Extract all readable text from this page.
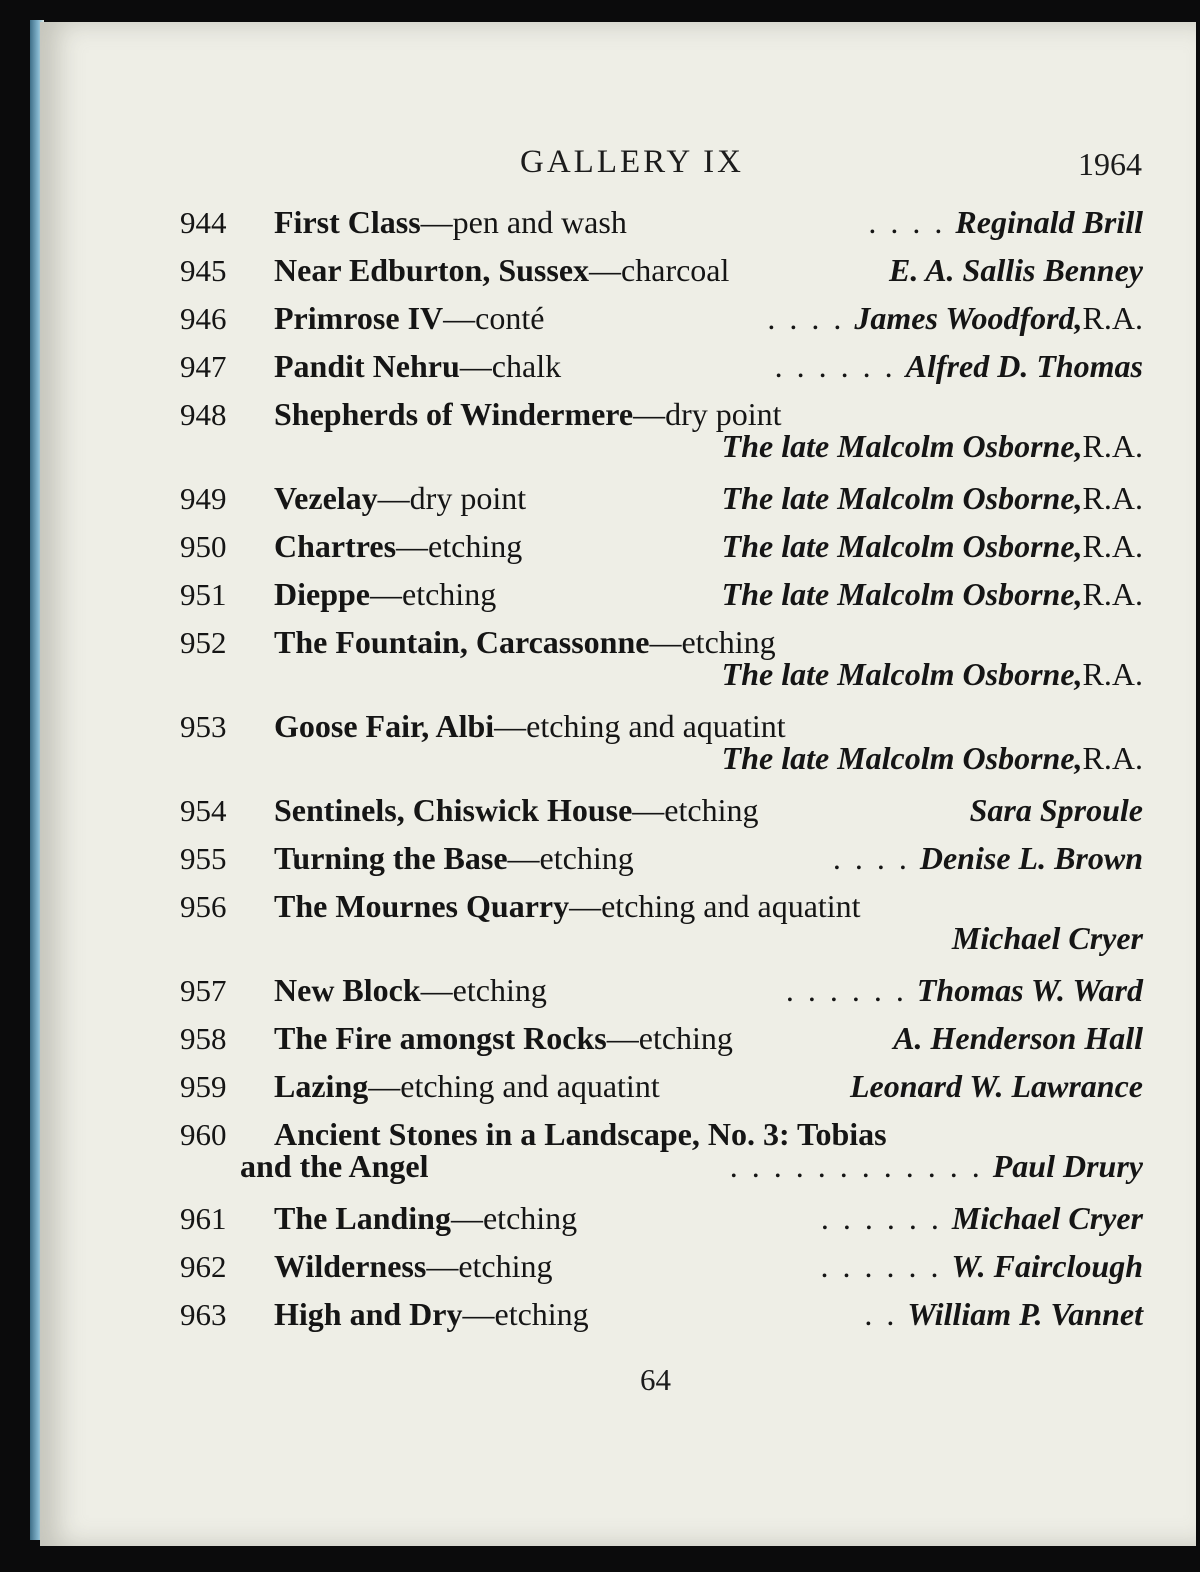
GALLERY IX	1964
944	First Class —pen and wash	. . . . Reginald Brill
945	Near Edburton, Sussex —charcoal	E. A. Sallis Benney
946	Primrose IV —conté	. . . . James Woodford, R.A.
947	Pandit Nehru —chalk	. . . . . . Alfred D. Thomas
948	Shepherds of Windermere —dry point
The late Malcolm Osborne, R.A.
949	Vezelay —dry point	The late Malcolm Osborne, R.A.
950	Chartres —etching	The late Malcolm Osborne, R.A.
951	Dieppe —etching	The late Malcolm Osborne, R.A.
952	The Fountain, Carcassonne —etching
The late Malcolm Osborne, R.A.
953	Goose Fair, Albi —etching and aquatint
The late Malcolm Osborne, R.A.
954	Sentinels, Chiswick House —etching	Sara Sproule
955	Turning the Base —etching	. . . . Denise L. Brown
956	The Mournes Quarry —etching and aquatint
Michael Cryer
957	New Block —etching	. . . . . . Thomas W. Ward
958	The Fire amongst Rocks —etching	A. Henderson Hall
959	Lazing —etching and aquatint	Leonard W. Lawrance
960	Ancient Stones in a Landscape, No. 3: Tobias
and the Angel	. . . . . . . . . . . . Paul Drury
961	The Landing —etching	. . . . . . Michael Cryer
962	Wilderness —etching	. . . . . . W. Fairclough
963	High and Dry —etching	. . William P. Vannet
64
